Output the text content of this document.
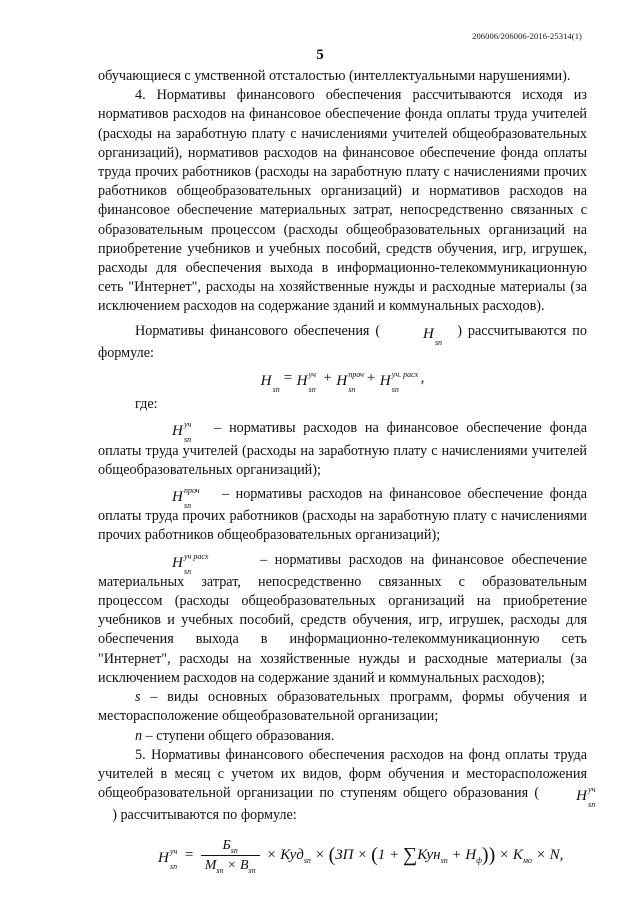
206006/206006-2016-25314(1)
5

обучающиеся с умственной отсталостью (интеллектуальными нарушениями).

4. Нормативы финансового обеспечения рассчитываются исходя из нормативов расходов на финансовое обеспечение фонда оплаты труда учителей (расходы на заработную плату с начислениями учителей общеобразовательных организаций), нормативов расходов на финансовое обеспечение фонда оплаты труда прочих работников (расходы на заработную плату с начислениями прочих работников общеобразовательных организаций) и нормативов расходов на финансовое обеспечение материальных затрат, непосредственно связанных с образовательным процессом (расходы общеобразовательных организаций на приобретение учебников и учебных пособий, средств обучения, игр, игрушек, расходы для обеспечения выхода в информационно-телекоммуникационную сеть "Интернет", расходы на хозяйственные нужды и расходные материалы (за исключением расходов на содержание зданий и коммунальных расходов).

Нормативы финансового обеспечения (	Н
sn
) рассчитываются по формуле:

Н
sn
= Н уч
sn
+ Н проч
sn
+ Н уч. расх
sn
,

где:

Н уч
sn
– нормативы расходов на финансовое обеспечение фонда оплаты труда учителей (расходы на заработную плату с начислениями учителей общеобразовательных организаций);

Н проч
sn
– нормативы расходов на финансовое обеспечение фонда оплаты труда прочих работников (расходы на заработную плату с начислениями прочих работников общеобразовательных организаций);

Н уч расх
sn
– нормативы расходов на финансовое обеспечение материальных затрат, непосредственно связанных с образовательным процессом (расходы общеобразовательных организаций на приобретение учебников и учебных пособий, средств обучения, игр, игрушек, расходы для обеспечения выхода в информационно-телекоммуникационную сеть "Интернет", расходы на хозяйственные нужды и расходные материалы (за исключением расходов на содержание зданий и коммунальных расходов);

s – виды основных образовательных программ, формы обучения и месторасположение общеобразовательной организации;

n – ступени общего образования.

5. Нормативы финансового обеспечения расходов на фонд оплаты труда учителей в месяц с учетом их видов, форм обучения и месторасположения общеобразовательной организации по ступеням общего образования ( Н уч
sn
) рассчитываются по формуле:

Н уч
sn
= $\frac{Б_{sn}}{М_{sn} \times В_{sn}} \times Куд_{sn} \times (ЗП \times (1 + \sum Кун_{sn} + Н_ф)) \times К_{мо} \times N$,
